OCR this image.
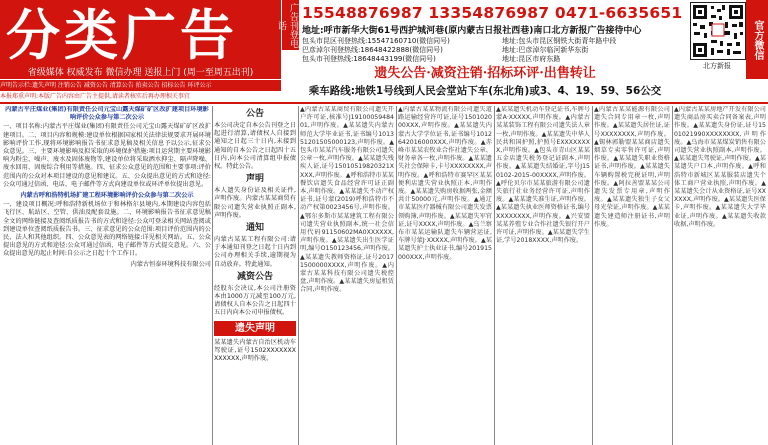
分类广告
省级媒体 权威发布 微信办理 送报上门 (周一至周五出刊)
广告刊登电话
15548876987 13354876987 0471-6635651
地址:呼市新华大街61号西护城河巷(原内蒙古日报社西巷)南口北方新报广告接待中心
包头市昆区刊登热线:15547160710(微信同号)	地址:包头市昆区钢铁大街青年路中段
巴彦淖尔刊登热线:18648422888(微信同号)	地址:巴彦淖尔临河新华东街
包头市刊登热线:18648443199(微信同号)	地址:昆区市府东路
遗失公告·减资注销·招标环评·出售转让
乘车路线:地铁1号线到人民会堂站下车(东北角)或3、4、19、59、56公交
北方新报
官方微信
声明告示栏:遗失声明 注销公告 减资公告 清算公告 拍卖公告 招标公告 环评公示
本报郑重声明:本版广告内容由广告主提供,请读者核实后再办理相关事宜

内蒙古平庄煤业(集团)有限责任公司元宝山露天煤矿矿区改扩建项目环境影响评价公众参与第二次公示

一、项目名称:内蒙古平庄煤业(集团)有限责任公司元宝山露天煤矿矿区改扩建项目。二、项目内容和规模:建设单位根据国家相关法律法规要求开展环境影响评价工作,现将环境影响报告书征求意见稿及相关信息予以公示,征求公众意见。三、主要环境影响及拟采取的环境保护措施:项目运营期主要环境影响为粉尘、噪声、废水及固体废物等,建设单位将采取洒水抑尘、隔声降噪、废水回用、固废综合利用等措施。四、征求公众意见的范围和主要事项:评价范围内的公众对本项目建设的意见和建议。五、公众提出意见的方式和途径:公众可通过信函、电话、电子邮件等方式向建设单位或环评单位提出意见。

内蒙古呼和浩特机场扩建工程环境影响评价公众参与第二次公示

一、建设项目概况:呼和浩特新机场位于和林格尔县境内,本期建设内容包括飞行区、航站区、空管、供油及配套设施。二、环境影响报告书征求意见稿全文的网络链接及查阅纸质报告书的方式和途径:公众可登录相关网站查阅或到建设单位查阅纸质报告书。三、征求意见的公众范围:项目评价范围内的公民、法人和其他组织。四、公众意见表的网络链接:详见相关网站。五、公众提出意见的方式和途径:公众可通过信函、电子邮件等方式提交意见。六、公众提出意见的起止时间:自公示之日起十个工作日。

内蒙古恒泰环境科技有限公司

公告

本公司决定自本公告刊登之日起进行清算,请债权人自接到通知之日起三十日内,未接到通知的自本公告之日起四十五日内,向本公司清算组申报债权。特此公告。

声明

本人遗失身份证及相关证件,声明作废。内蒙古某某商贸有限公司遗失营业执照正副本,声明作废。

通知

内蒙古某某工程有限公司:请于本通知刊登之日起十日内到公司办理相关手续,逾期视为自动放弃。特此通知。

减资公告

经股东会决议,本公司注册资本由1000万元减至100万元,请债权人自本公告之日起四十五日内向本公司申报债权。

遗失声明

某某遗失内蒙古自治区机动车驾驶证,证号1502XXXXXXXXXXXXX,声明作废。

▲内蒙古某某商贸有限公司遗失开户许可证,核准号J1910005948401,声明作废。▲某某遗失内蒙古师范大学毕业证书,证书编号101351201505000123,声明作废。▲包头市某某汽车服务有限公司遗失公章一枚,声明作废。▲某某遗失残疾人证,证号15010519820321XXXX,声明作废。▲呼和浩特市某某餐饮店遗失食品经营许可证正副本,声明作废。▲某某遗失不动产权证书,证号蒙(2019)呼和浩特市不动产权第0023456号,声明作废。▲鄂尔多斯市某某建筑工程有限公司遗失营业执照副本,统一社会信用代码91150602MA0XXXXXX,声明作废。▲某某遗失出生医学证明,编号O150123456,声明作废。▲某某遗失教师资格证,证号20171500000XXXX,声明作废。▲内蒙古某某科技有限公司遗失税控盘,声明作废。▲某某遗失房屋租赁合同,声明作废。

▲内蒙古某某物流有限公司遗失道路运输经营许可证,证号150102000XXX,声明作废。▲某某遗失内蒙古大学学位证书,证书编号1012642016000XXX,声明作废。▲赤峰市某某农牧业合作社遗失公章、财务章各一枚,声明作废。▲某某遗失社会保障卡,卡号XXXXXXXX,声明作废。▲呼和浩特市赛罕区某某便利店遗失营业执照正本,声明作废。▲某某遗失购房收据两张,金额共计50000元,声明作废。▲通辽市某某医疗器械有限公司遗失发票领购簿,声明作废。▲某某遗失军官证,证号XXXX,声明作废。▲乌兰察布市某某运输队遗失车辆营运证,车牌号蒙J·XXXXX,声明作废。▲某某遗失护士执业证书,编号201915000XXX,声明作废。

▲某某遗失机动车登记证书,车牌号蒙A·XXXXX,声明作废。▲内蒙古某某装饰工程有限公司遗失法人章一枚,声明作废。▲某某遗失中华人民共和国护照,护照号EXXXXXXXX,声明作废。▲包头市青山区某某五金店遗失税务登记证副本,声明作废。▲某某遗失结婚证,字号J150102-2015-00XXXX,声明作废。▲呼伦贝尔市某某旅游有限公司遗失旅行社业务经营许可证,声明作废。▲某某遗失准生证,声明作废。▲某某遗失执业医师资格证书,编号XXXXXXXX,声明作废。▲兴安盟某某养殖专业合作社遗失银行开户许可证,声明作废。▲某某遗失学生证,学号2018XXXX,声明作废。

▲内蒙古某某能源有限公司遗失合同专用章一枚,声明作废。▲某某遗失居住证,证号XXXXXXXX,声明作废。▲锡林郭勒盟某某商店遗失烟草专卖零售许可证,声明作废。▲某某遗失职业资格证书,声明作废。▲某某遗失车辆购置税完税证明,声明作废。▲阿拉善盟某某公司遗失发票专用章,声明作废。▲某某遗失独生子女父母光荣证,声明作废。▲某某遗失建造师注册证书,声明作废。

▲内蒙古某某房地产开发有限公司遗失商品房买卖合同备案表,声明作废。▲某某遗失身份证,证号1501021990XXXXXXXX,声明作废。▲乌海市某某煤炭销售有限公司遗失营业执照副本,声明作废。▲某某遗失驾驶证,声明作废。▲某某遗失户口本,声明作废。▲呼和浩特市新城区某某服装店遗失个体工商户营业执照,声明作废。▲某某遗失会计从业资格证,证号XXXXXX,声明作废。▲某某遗失医保卡,声明作废。▲某某遗失大学毕业证,声明作废。▲某某遗失收款收据,声明作废。
